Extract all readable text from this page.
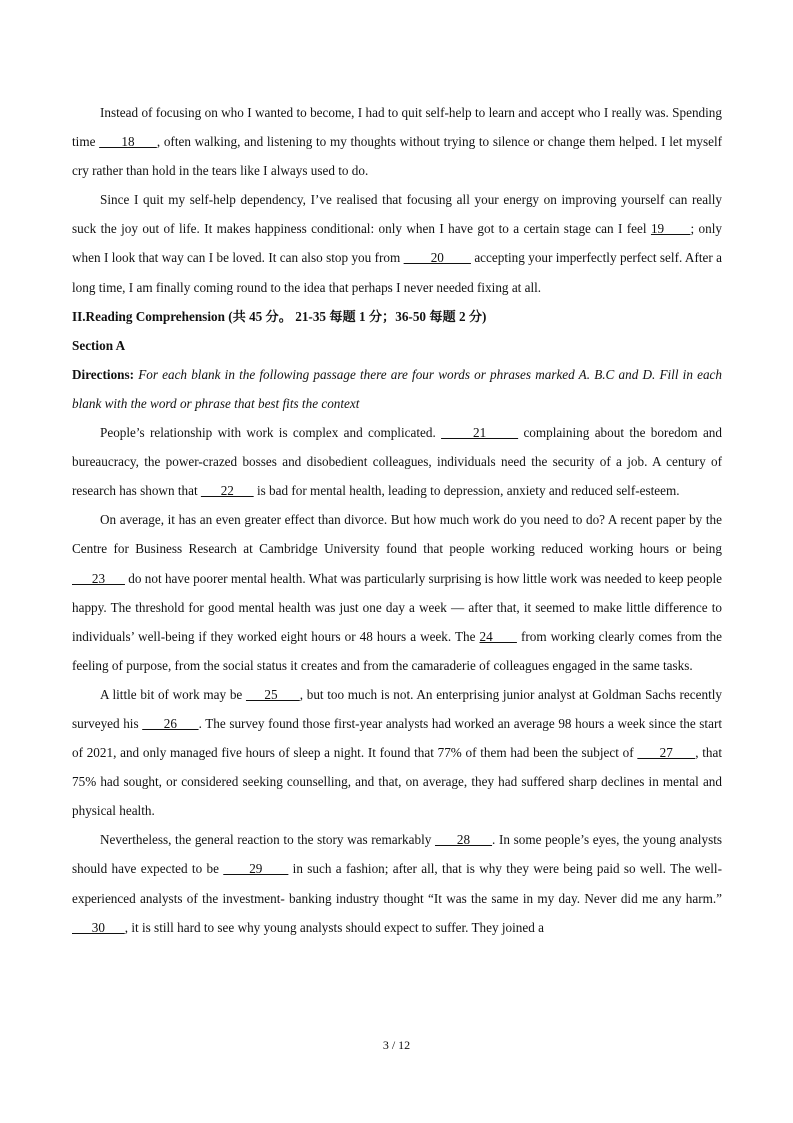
Instead of focusing on who I wanted to become, I had to quit self-help to learn and accept who I really was. Spending time       18      , often walking, and listening to my thoughts without trying to silence or change them helped. I let myself cry rather than hold in the tears like I always used to do.

Since I quit my self-help dependency, I’ve realised that focusing all your energy on improving yourself can really suck the joy out of life. It makes happiness conditional: only when I have got to a certain stage can I feel 19      ; only when I look that way can I be loved. It can also stop you from         20         accepting your imperfectly perfect self. After a long time, I am finally coming round to the idea that perhaps I never needed fixing at all.

II.Reading Comprehension (共 45 分。 21-35 每题 1 分；36-50 每题 2 分)

Section A

Directions: For each blank in the following passage there are four words or phrases marked A. B.C and D. Fill in each blank with the word or phrase that best fits the context

People’s relationship with work is complex and complicated.       21       complaining about the boredom and bureaucracy, the power-crazed bosses and disobedient colleagues, individuals need the security of a job. A century of research has shown that       22       is bad for mental health, leading to depression, anxiety and reduced self-esteem.

On average, it has an even greater effect than divorce. But how much work do you need to do? A recent paper by the Centre for Business Research at Cambridge University found that people working reduced working hours or being       23       do not have poorer mental health. What was particularly surprising is how little work was needed to keep people happy. The threshold for good mental health was just one day a week — after that, it seemed to make little difference to individuals’ well-being if they worked eight hours or 48 hours a week. The 24       from working clearly comes from the feeling of purpose, from the social status it creates and from the camaraderie of colleagues engaged in the same tasks.

A little bit of work may be      25      , but too much is not. An enterprising junior analyst at Goldman Sachs recently surveyed his       26      . The survey found those first-year analysts had worked an average 98 hours a week since the start of 2021, and only managed five hours of sleep a night. It found that 77% of them had been the subject of       27      , that 75% had sought, or considered seeking counselling, and that, on average, they had suffered sharp declines in mental and physical health.

Nevertheless, the general reaction to the story was remarkably       28      . In some people’s eyes, the young analysts should have expected to be       29       in such a fashion; after all, that is why they were being paid so well. The well-experienced analysts of the investment- banking industry thought “It was the same in my day. Never did me any harm.”       30      , it is still hard to see why young analysts should expect to suffer. They joined a

3 / 12
